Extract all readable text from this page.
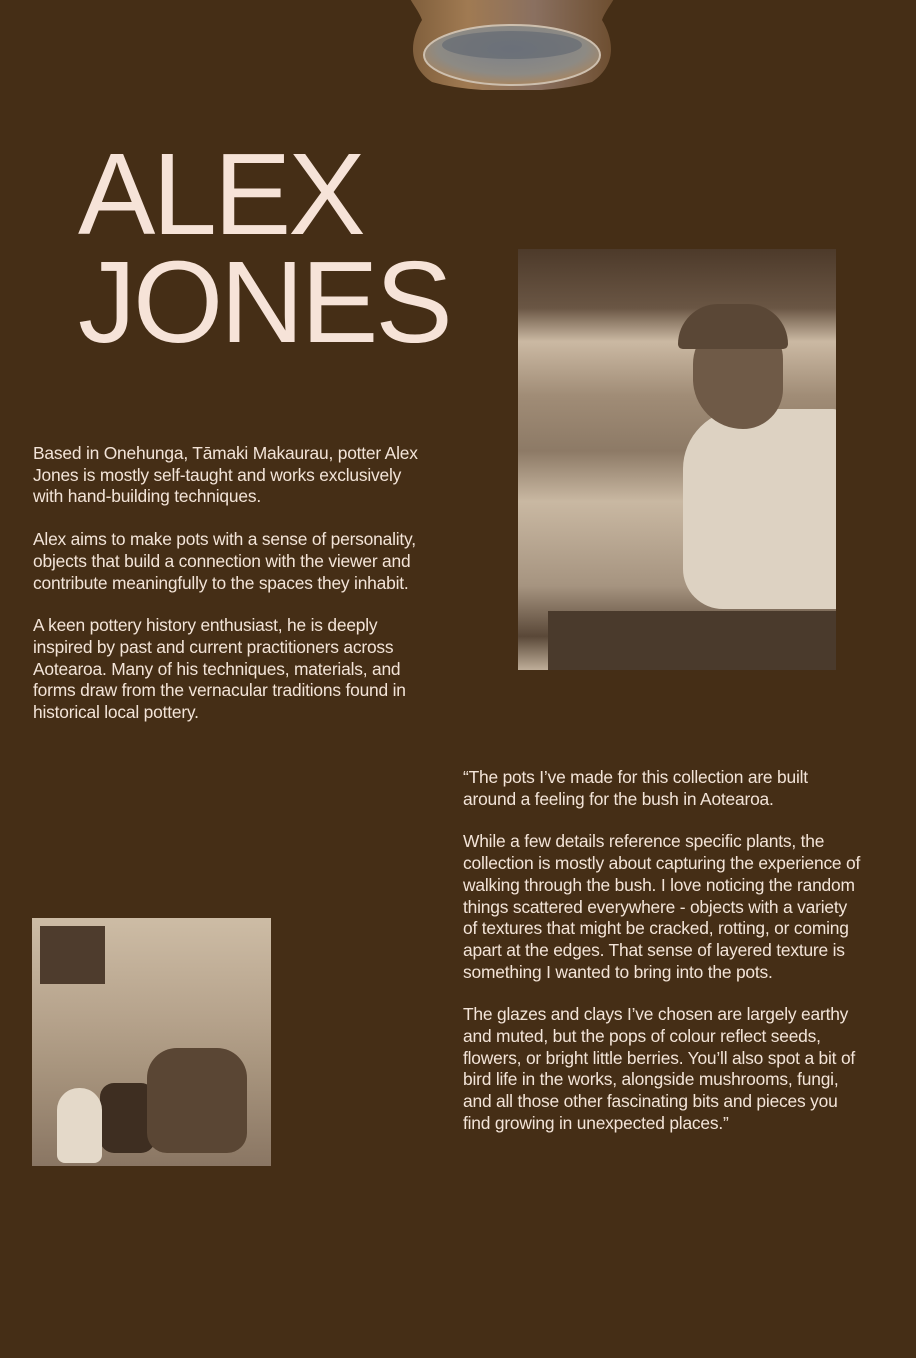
ALEX
JONES

Based in Onehunga, Tāmaki Makaurau, potter Alex Jones is mostly self-taught and works exclusively with hand-building techniques.

Alex aims to make pots with a sense of personality, objects that build a connection with the viewer and contribute meaningfully to the spaces they inhabit.

A keen pottery history enthusiast, he is deeply inspired by past and current practitioners across Aotearoa. Many of his techniques, materials, and forms draw from the vernacular traditions found in historical local pottery.

“The pots I’ve made for this collection are built around a feeling for the bush in Aotearoa.

While a few details reference specific plants, the collection is mostly about capturing the experience of walking through the bush. I love noticing the random things scattered everywhere - objects with a variety of textures that might be cracked, rotting, or coming apart at the edges. That sense of layered texture is something I wanted to bring into the pots.

The glazes and clays I’ve chosen are largely earthy and muted, but the pops of colour reflect seeds, flowers, or bright little berries. You’ll also spot a bit of bird life in the works, alongside mushrooms, fungi, and all those other fascinating bits and pieces you find growing in unexpected places.”
